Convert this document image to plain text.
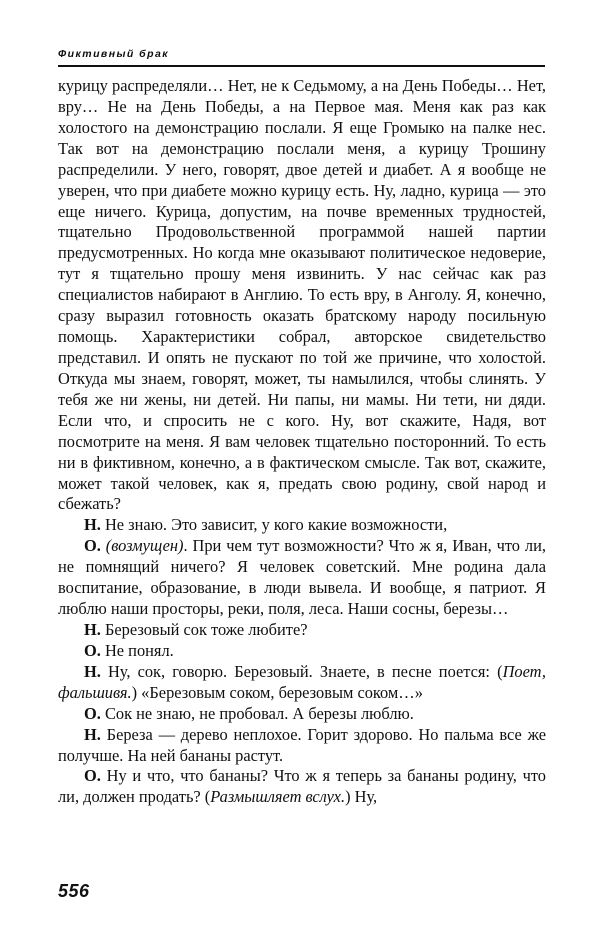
Фиктивный брак

курицу распределяли… Нет, не к Седьмому, а на День Победы… Нет, вру… Не на День Победы, а на Первое мая. Меня как раз как холостого на демонстрацию послали. Я еще Громыко на палке нес. Так вот на демонстрацию послали меня, а курицу Трошину распределили. У него, говорят, двое детей и диабет. А я вообще не уверен, что при диабете можно курицу есть. Ну, ладно, курица — это еще ничего. Курица, допустим, на почве временных трудностей, тщательно Продовольственной программой нашей партии предусмотренных. Но когда мне оказывают политическое недоверие, тут я тщательно прошу меня извинить. У нас сейчас как раз специалистов набирают в Англию. То есть вру, в Анголу. Я, конечно, сразу выразил готовность оказать братскому народу посильную помощь. Характеристики собрал, авторское свидетельство представил. И опять не пускают по той же причине, что холостой. Откуда мы знаем, говорят, может, ты намылился, чтобы слинять. У тебя же ни жены, ни детей. Ни папы, ни мамы. Ни тети, ни дяди. Если что, и спросить не с кого. Ну, вот скажите, Надя, вот посмотрите на меня. Я вам человек тщательно посторонний. То есть ни в фиктивном, конечно, а в фактическом смысле. Так вот, скажите, может такой человек, как я, предать свою родину, свой народ и сбежать?

Н. Не знаю. Это зависит, у кого какие возможности,

О. (возмущен). При чем тут возможности? Что ж я, Иван, что ли, не помнящий ничего? Я человек советский. Мне родина дала воспитание, образование, в люди вывела. И вообще, я патриот. Я люблю наши просторы, реки, поля, леса. Наши сосны, березы…

Н. Березовый сок тоже любите?

О. Не понял.

Н. Ну, сок, говорю. Березовый. Знаете, в песне поется: (Поет, фальшивя.) «Березовым соком, березовым соком…»

О. Сок не знаю, не пробовал. А березы люблю.

Н. Береза — дерево неплохое. Горит здорово. Но пальма все же получше. На ней бананы растут.

О. Ну и что, что бананы? Что ж я теперь за бананы родину, что ли, должен продать? (Размышляет вслух.) Ну,

556
